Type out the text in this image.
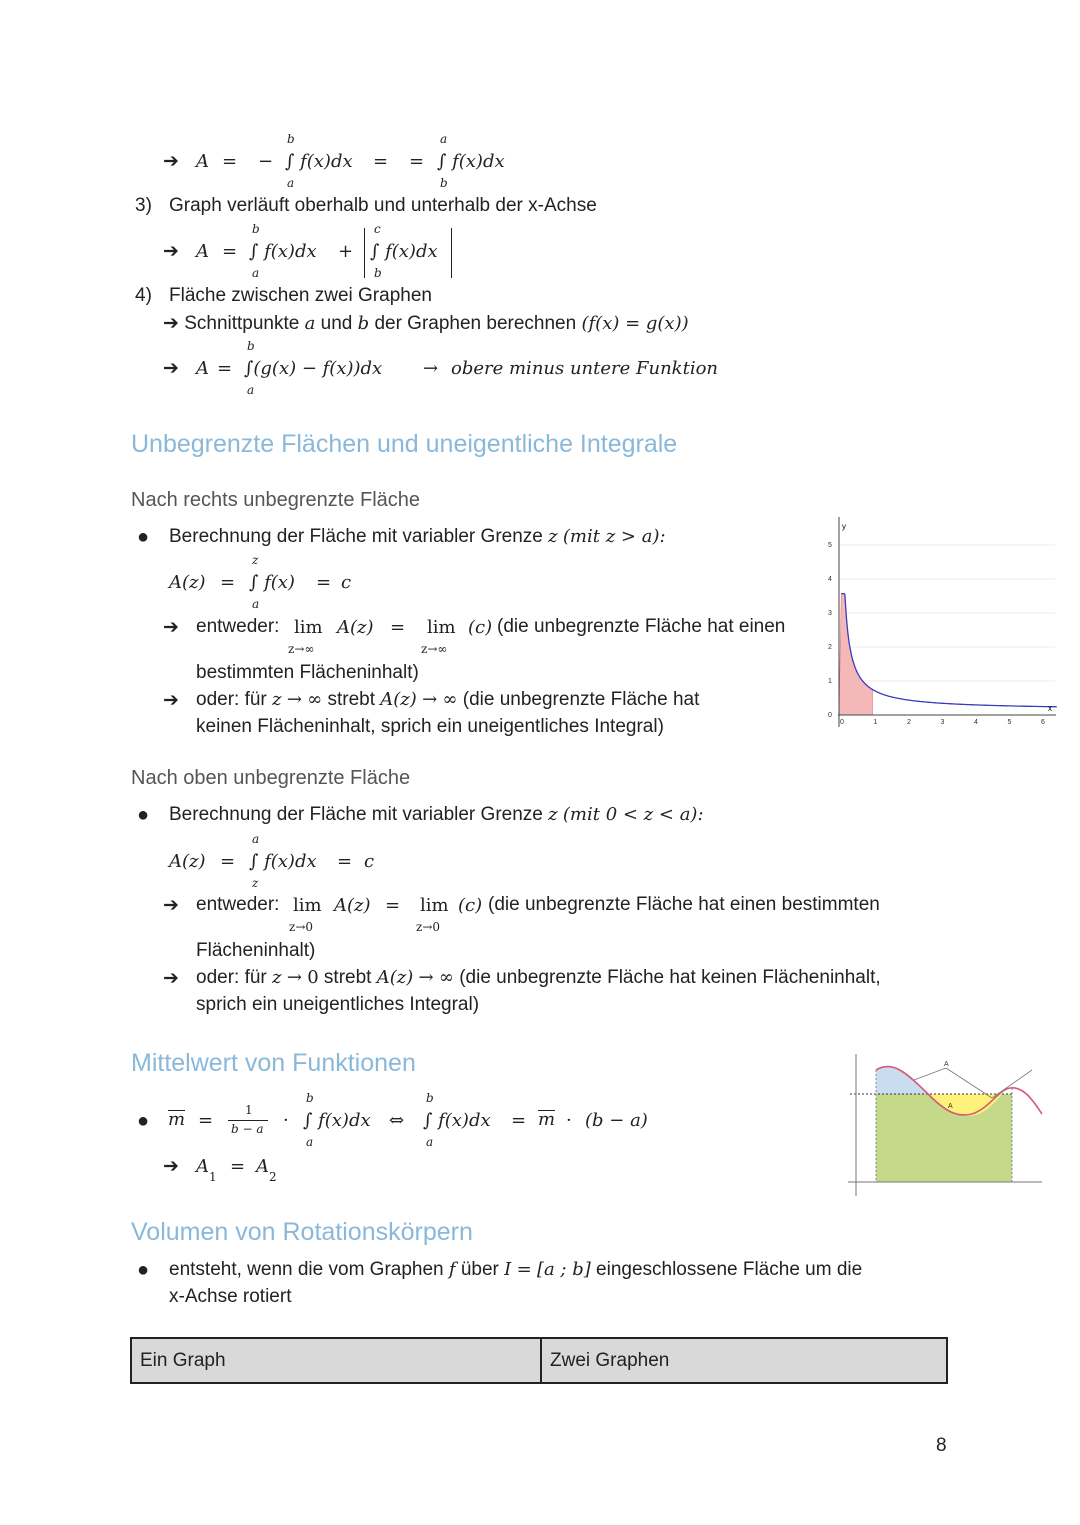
➔ A = −
b
∫ f(x)dx
a
= =
a
∫ f(x)dx
b
3) Graph verläuft oberhalb und unterhalb der x-Achse
➔ A =
b
∫ f(x)dx
a
+
c
∫ f(x)dx
b
4) Fläche zwischen zwei Graphen
➔ Schnittpunkte a und b der Graphen berechnen (f(x) = g(x))
➔ A =
b
∫(g(x) − f(x))dx
a
→ obere minus untere Funktion
Unbegrenzte Flächen und uneigentliche Integrale
Nach rechts unbegrenzte Fläche
● Berechnung der Fläche mit variabler Grenze z (mit z > a):
A(z) =
z
∫ f(x)
a
= c
➔ entweder: lim
z→∞
A(z) = lim
z→∞
(c) (die unbegrenzte Fläche hat einen
bestimmten Flächeninhalt)
➔ oder: für z → ∞ strebt A(z) → ∞ (die unbegrenzte Fläche hat
keinen Flächeninhalt, sprich ein uneigentliches Integral)
5
4
3
2
1
0
0	1	2	3	4	5	6
y
x
Nach oben unbegrenzte Fläche
● Berechnung der Fläche mit variabler Grenze z (mit 0 < z < a):
A(z) =
a
∫ f(x)dx
z
= c
➔ entweder: lim
z→0
A(z) = lim
z→0
(c) (die unbegrenzte Fläche hat einen bestimmten
Flächeninhalt)
➔ oder: für z → 0 strebt A(z) → ∞ (die unbegrenzte Fläche hat keinen Flächeninhalt,
sprich ein uneigentliches Integral)
Mittelwert von Funktionen
● m =	1
b − a ·
b
∫ f(x)dx
a
⇔
b
∫ f(x)dx
a
= m · (b − a)
➔ A 1 = A 2
A
A
Volumen von Rotationskörpern
● entsteht, wenn die vom Graphen f über I = [a ; b] eingeschlossene Fläche um die
x-Achse rotiert
Ein Graph	Zwei Graphen
8
